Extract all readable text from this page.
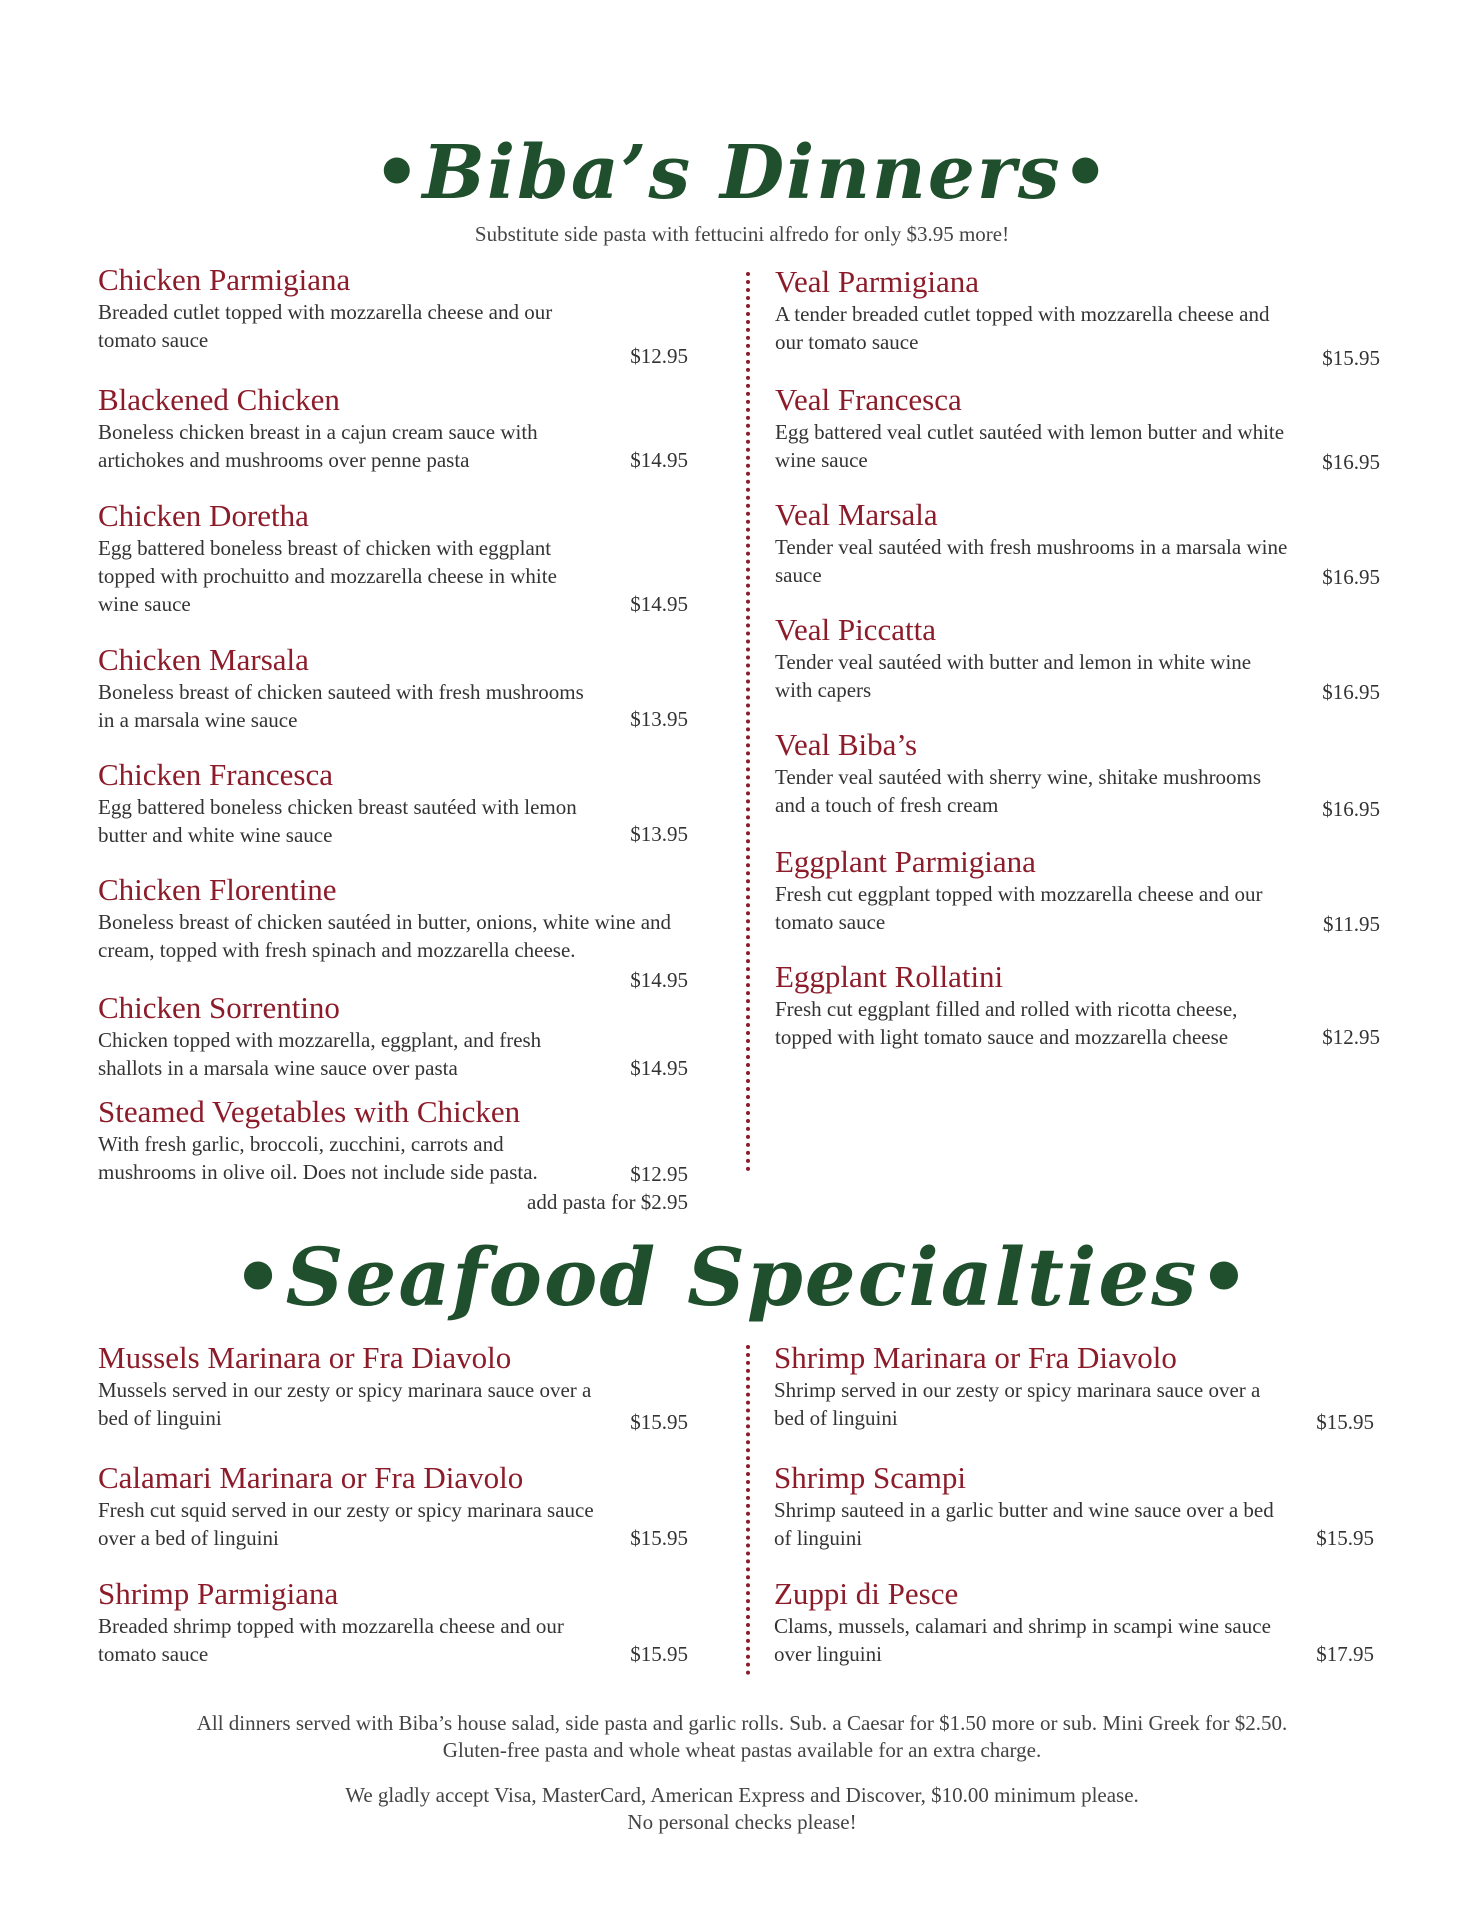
•Biba’s Dinners•
Substitute side pasta with fettucini alfredo for only $3.95 more!
Chicken Parmigiana
Breaded cutlet topped with mozzarella cheese and our tomato sauce
$12.95
Blackened Chicken
Boneless chicken breast in a cajun cream sauce with artichokes and mushrooms over penne pasta	$14.95
Chicken Doretha
Egg battered boneless breast of chicken with eggplant topped with prochuitto and mozzarella cheese in white wine sauce	$14.95
Chicken Marsala
Boneless breast of chicken sauteed with fresh mushrooms in a marsala wine sauce	$13.95
Chicken Francesca
Egg battered boneless chicken breast sautéed with lemon butter and white wine sauce	$13.95
Chicken Florentine
Boneless breast of chicken sautéed in butter, onions, white wine and cream, topped with fresh spinach and mozzarella cheese.
$14.95
Chicken Sorrentino
Chicken topped with mozzarella, eggplant, and fresh shallots in a marsala wine sauce over pasta	$14.95
Steamed Vegetables with Chicken
With fresh garlic, broccoli, zucchini, carrots and mushrooms in olive oil. Does not include side pasta.	$12.95
add pasta for $2.95
Veal Parmigiana
A tender breaded cutlet topped with mozzarella cheese and our tomato sauce
$15.95
Veal Francesca
Egg battered veal cutlet sautéed with lemon butter and white wine sauce	$16.95
Veal Marsala
Tender veal sautéed with fresh mushrooms in a marsala wine sauce	$16.95
Veal Piccatta
Tender veal sautéed with butter and lemon in white wine with capers	$16.95
Veal Biba’s
Tender veal sautéed with sherry wine, shitake mushrooms and a touch of fresh cream	$16.95
Eggplant Parmigiana
Fresh cut eggplant topped with mozzarella cheese and our tomato sauce	$11.95
Eggplant Rollatini
Fresh cut eggplant filled and rolled with ricotta cheese, topped with light tomato sauce and mozzarella cheese	$12.95
•Seafood Specialties•
Mussels Marinara or Fra Diavolo
Mussels served in our zesty or spicy marinara sauce over a bed of linguini	$15.95
Calamari Marinara or Fra Diavolo
Fresh cut squid served in our zesty or spicy marinara sauce over a bed of linguini	$15.95
Shrimp Parmigiana
Breaded shrimp topped with mozzarella cheese and our tomato sauce	$15.95
Shrimp Marinara or Fra Diavolo
Shrimp served in our zesty or spicy marinara sauce over a bed of linguini	$15.95
Shrimp Scampi
Shrimp sauteed in a garlic butter and wine sauce over a bed of linguini	$15.95
Zuppi di Pesce
Clams, mussels, calamari and shrimp in scampi wine sauce over linguini	$17.95
All dinners served with Biba’s house salad, side pasta and garlic rolls. Sub. a Caesar for $1.50 more or sub. Mini Greek for $2.50.
Gluten-free pasta and whole wheat pastas available for an extra charge.
We gladly accept Visa, MasterCard, American Express and Discover, $10.00 minimum please.
No personal checks please!
